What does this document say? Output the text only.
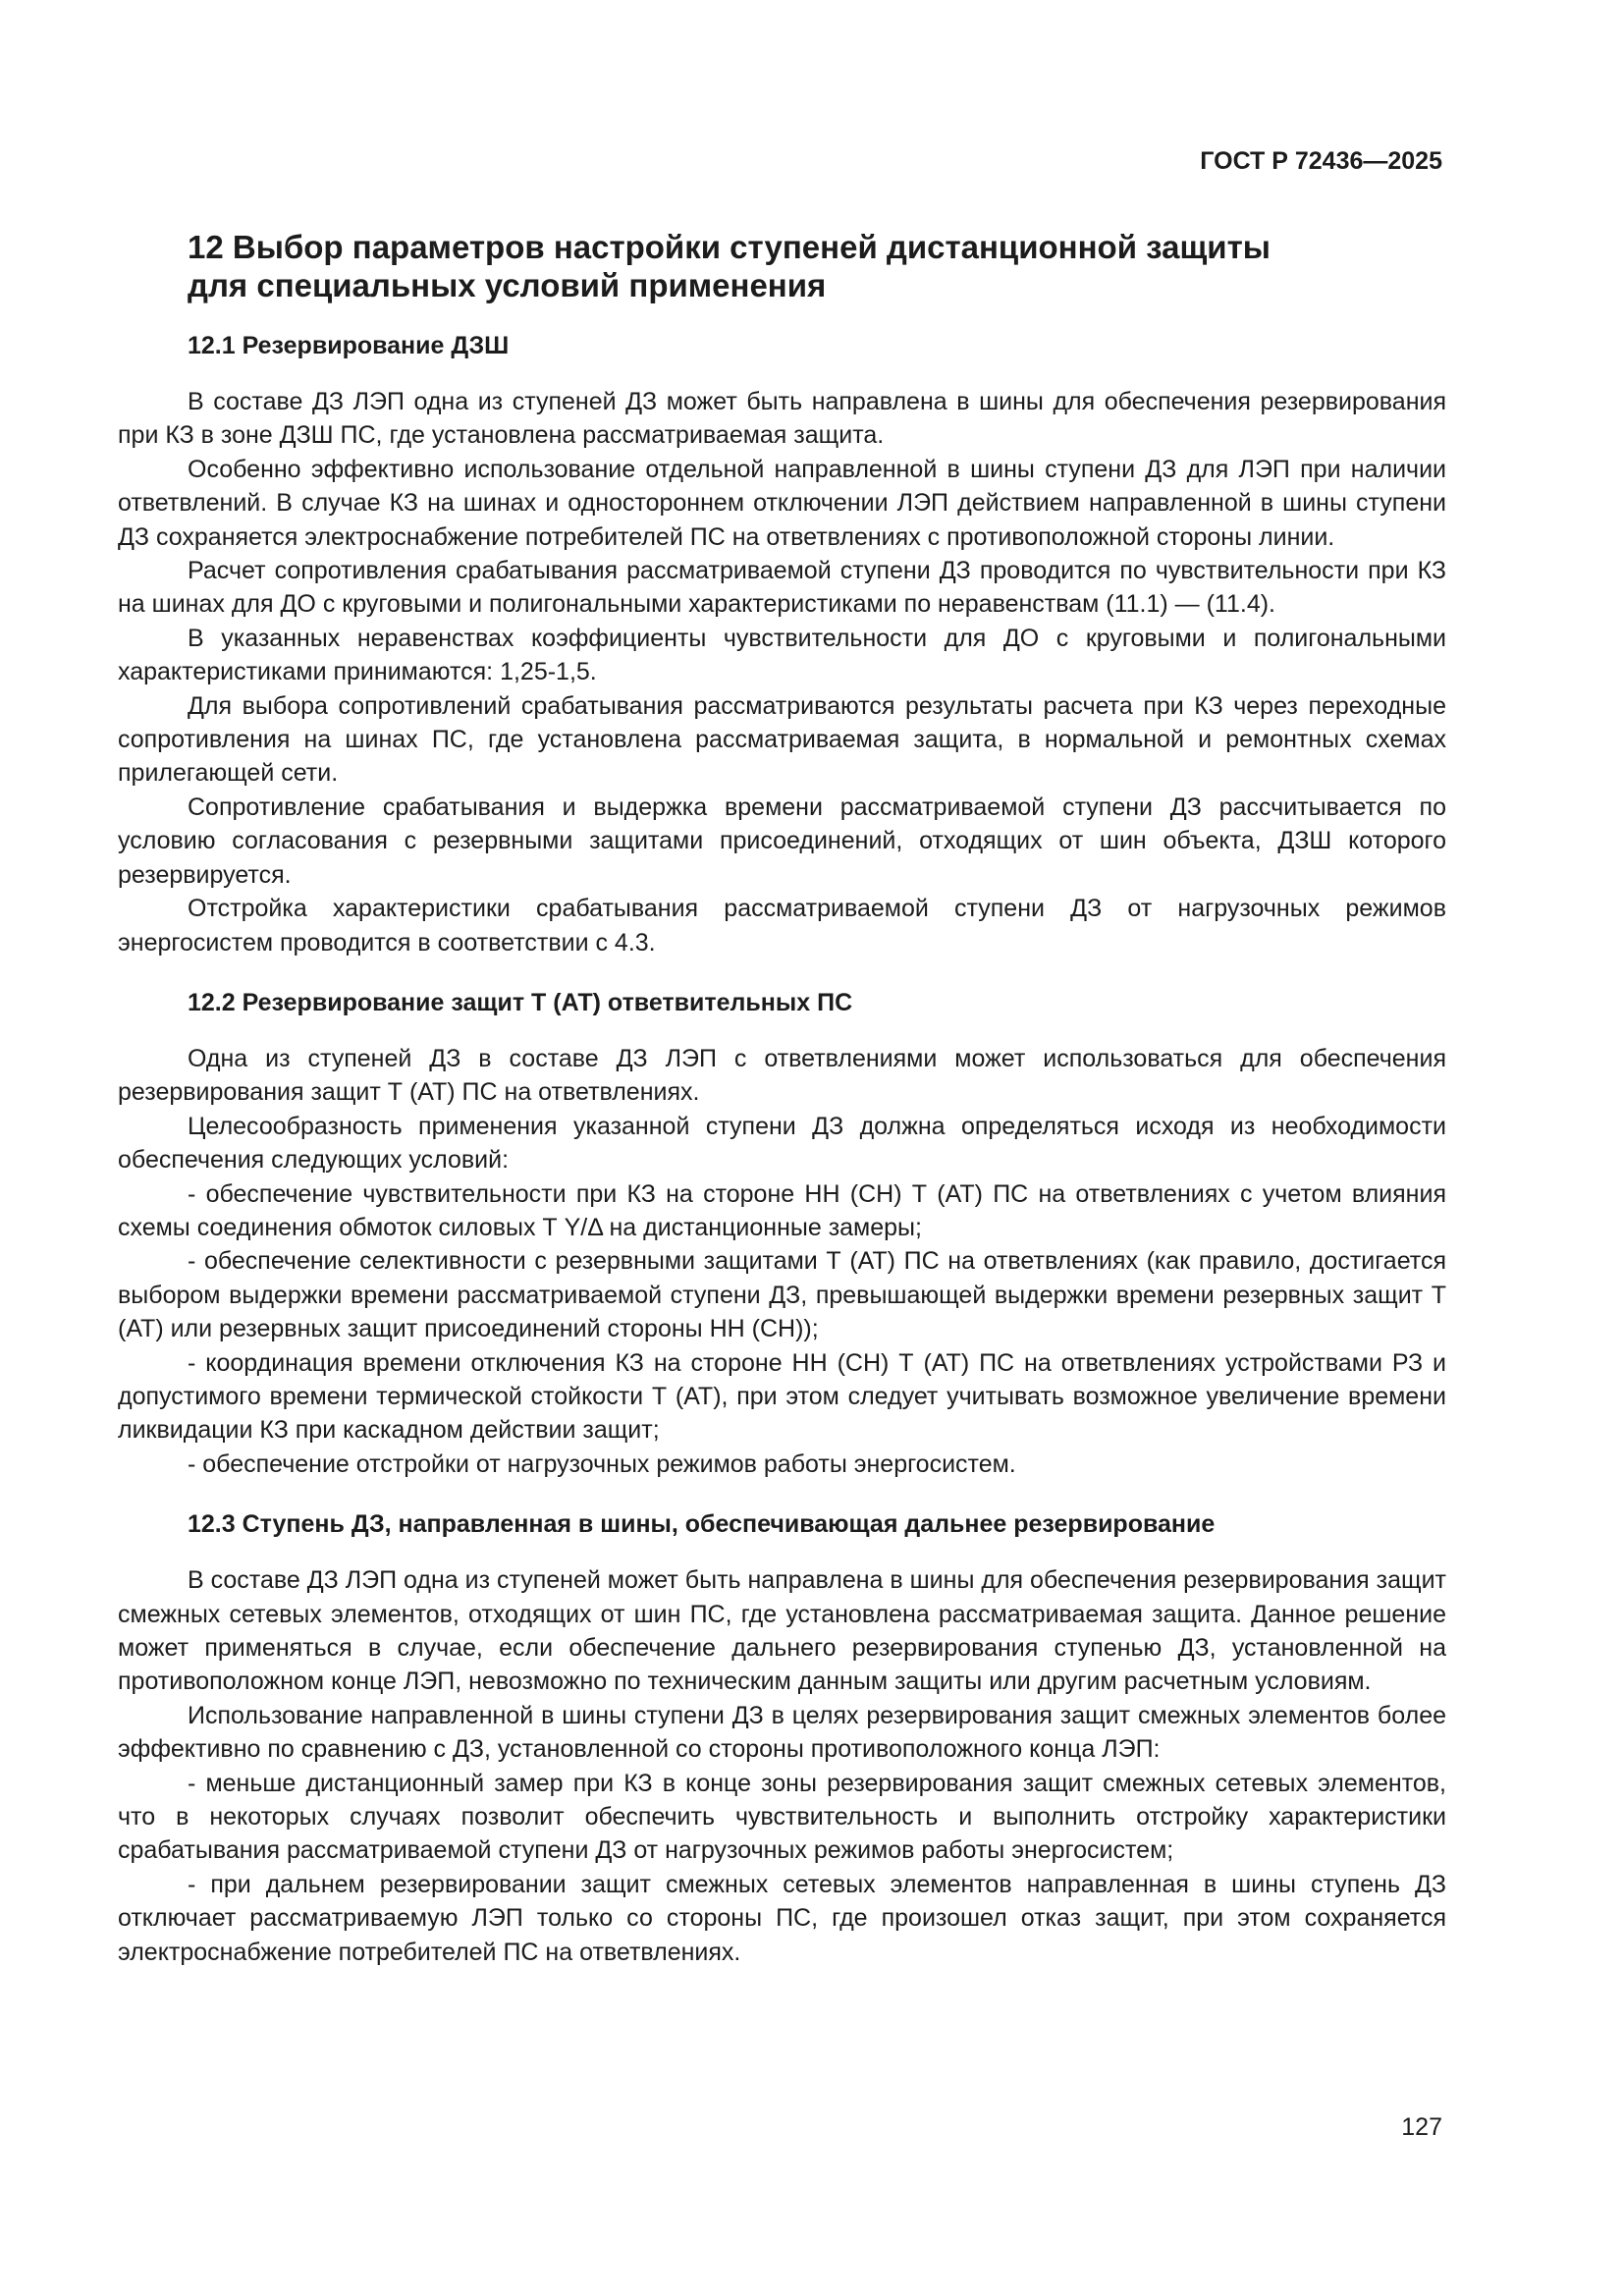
ГОСТ Р 72436—2025
12 Выбор параметров настройки ступеней дистанционной защиты
для специальных условий применения
12.1 Резервирование ДЗШ

В составе ДЗ ЛЭП одна из ступеней ДЗ может быть направлена в шины для обеспечения резервирования при КЗ в зоне ДЗШ ПС, где установлена рассматриваемая защита.

Особенно эффективно использование отдельной направленной в шины ступени ДЗ для ЛЭП при наличии ответвлений. В случае КЗ на шинах и одностороннем отключении ЛЭП действием направленной в шины ступени ДЗ сохраняется электроснабжение потребителей ПС на ответвлениях с противоположной стороны линии.

Расчет сопротивления срабатывания рассматриваемой ступени ДЗ проводится по чувствительности при КЗ на шинах для ДО с круговыми и полигональными характеристиками по неравенствам (11.1) — (11.4).

В указанных неравенствах коэффициенты чувствительности для ДО с круговыми и полигональными характеристиками принимаются: 1,25-1,5.

Для выбора сопротивлений срабатывания рассматриваются результаты расчета при КЗ через переходные сопротивления на шинах ПС, где установлена рассматриваемая защита, в нормальной и ремонтных схемах прилегающей сети.

Сопротивление срабатывания и выдержка времени рассматриваемой ступени ДЗ рассчитывается по условию согласования с резервными защитами присоединений, отходящих от шин объекта, ДЗШ которого резервируется.

Отстройка характеристики срабатывания рассматриваемой ступени ДЗ от нагрузочных режимов энергосистем проводится в соответствии с 4.3.

12.2 Резервирование защит Т (АТ) ответвительных ПС

Одна из ступеней ДЗ в составе ДЗ ЛЭП с ответвлениями может использоваться для обеспечения резервирования защит Т (АТ) ПС на ответвлениях.

Целесообразность применения указанной ступени ДЗ должна определяться исходя из необходимости обеспечения следующих условий:

- обеспечение чувствительности при КЗ на стороне НН (СН) Т (АТ) ПС на ответвлениях с учетом влияния схемы соединения обмоток силовых Т Y/Δ на дистанционные замеры;

- обеспечение селективности с резервными защитами Т (АТ) ПС на ответвлениях (как правило, достигается выбором выдержки времени рассматриваемой ступени ДЗ, превышающей выдержки времени резервных защит Т (АТ) или резервных защит присоединений стороны НН (СН));

- координация времени отключения КЗ на стороне НН (СН) Т (АТ) ПС на ответвлениях устройствами РЗ и допустимого времени термической стойкости Т (АТ), при этом следует учитывать возможное увеличение времени ликвидации КЗ при каскадном действии защит;

- обеспечение отстройки от нагрузочных режимов работы энергосистем.

12.3 Ступень ДЗ, направленная в шины, обеспечивающая дальнее резервирование

В составе ДЗ ЛЭП одна из ступеней может быть направлена в шины для обеспечения резервирования защит смежных сетевых элементов, отходящих от шин ПС, где установлена рассматриваемая защита. Данное решение может применяться в случае, если обеспечение дальнего резервирования ступенью ДЗ, установленной на противоположном конце ЛЭП, невозможно по техническим данным защиты или другим расчетным условиям.

Использование направленной в шины ступени ДЗ в целях резервирования защит смежных элементов более эффективно по сравнению с ДЗ, установленной со стороны противоположного конца ЛЭП:

- меньше дистанционный замер при КЗ в конце зоны резервирования защит смежных сетевых элементов, что в некоторых случаях позволит обеспечить чувствительность и выполнить отстройку характеристики срабатывания рассматриваемой ступени ДЗ от нагрузочных режимов работы энергосистем;

- при дальнем резервировании защит смежных сетевых элементов направленная в шины ступень ДЗ отключает рассматриваемую ЛЭП только со стороны ПС, где произошел отказ защит, при этом сохраняется электроснабжение потребителей ПС на ответвлениях.

127
